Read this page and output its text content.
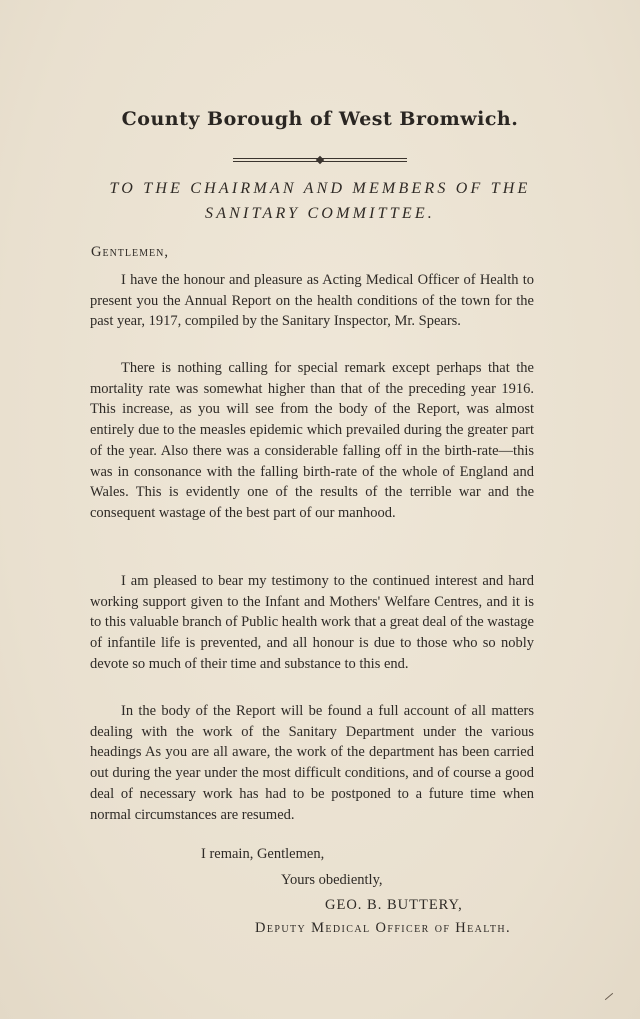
County Borough of West Bromwich.
TO THE CHAIRMAN AND MEMBERS OF THE
SANITARY COMMITTEE.
Gentlemen,
I have the honour and pleasure as Acting Medical Officer of Health to present you the Annual Report on the health conditions of the town for the past year, 1917, compiled by the Sanitary Inspector, Mr. Spears.
There is nothing calling for special remark except perhaps that the mortality rate was somewhat higher than that of the preceding year 1916. This increase, as you will see from the body of the Report, was almost entirely due to the measles epidemic which prevailed during the greater part of the year. Also there was a considerable falling off in the birth-rate—this was in consonance with the falling birth-rate of the whole of England and Wales. This is evidently one of the results of the terrible war and the consequent wastage of the best part of our manhood.
I am pleased to bear my testimony to the continued interest and hard working support given to the Infant and Mothers' Welfare Centres, and it is to this valuable branch of Public health work that a great deal of the wastage of infantile life is prevented, and all honour is due to those who so nobly devote so much of their time and substance to this end.
In the body of the Report will be found a full account of all matters dealing with the work of the Sanitary Department under the various headings As you are all aware, the work of the department has been carried out during the year under the most difficult conditions, and of course a good deal of necessary work has had to be postponed to a future time when normal circumstances are resumed.
I remain, Gentlemen,
Yours obediently,
GEO. B. BUTTERY,
Deputy Medical Officer of Health.
